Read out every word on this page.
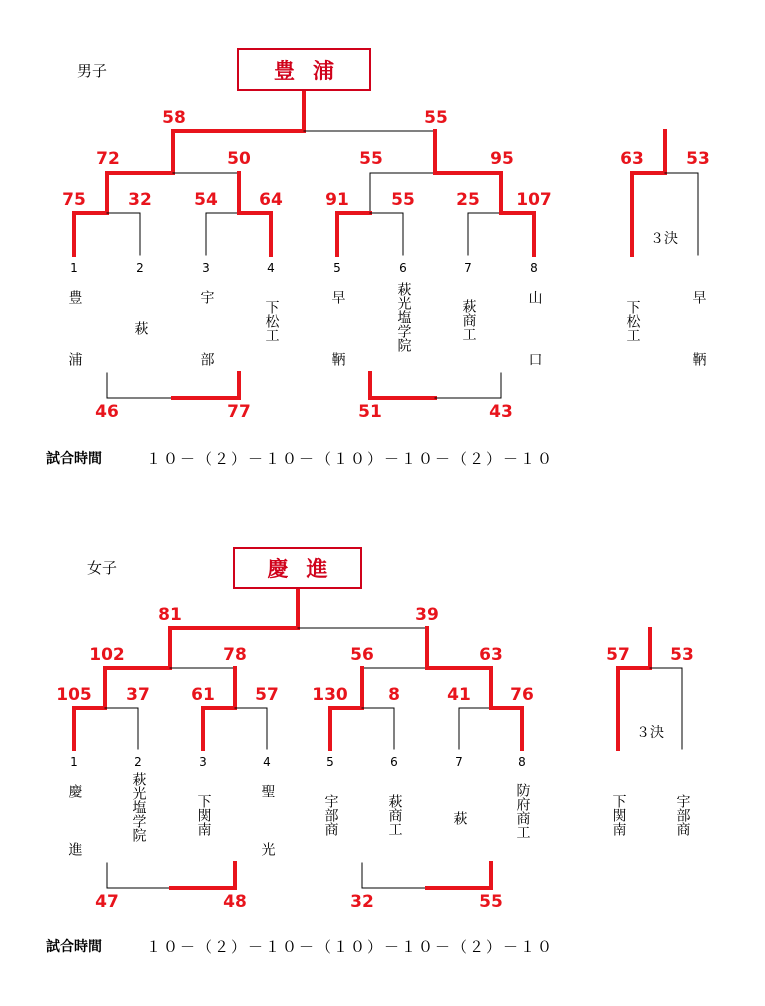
男子	豊浦
58	55
72	50	55	95
75 32 54 64 91 55 25 107
1	2	3	4	5	6	7	8
豊浦	萩	宇部	下松工	早鞆	萩光塩学院	萩商工	山口
46	77	51	43
63 53
３決
下松工	早鞆
試合時間	１０－（２）－１０－（１０）－１０－（２）－１０
女子	慶進
81	39
102	78	56	63
105 37 61 57 130 8	41 76
1	2	3	4	5	6	7	8
慶進	萩光塩学院	下関南	聖光	宇部商	萩商工	萩	防府商工
47	48	32	55
57 53
３決
下関南	宇部商
試合時間	１０－（２）－１０－（１０）－１０－（２）－１０
